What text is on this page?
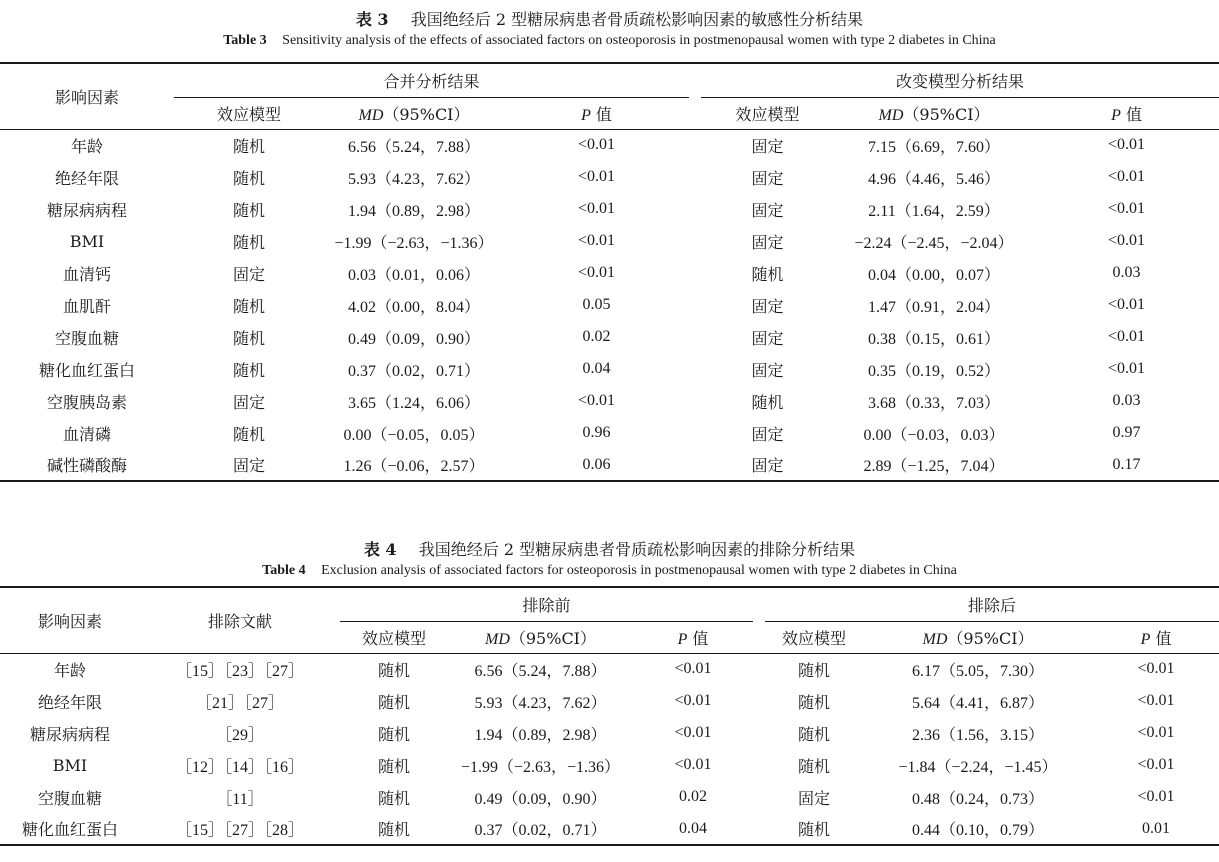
表 3 我国绝经后 2 型糖尿病患者骨质疏松影响因素的敏感性分析结果
Table 3 Sensitivity analysis of the effects of associated factors on osteoporosis in postmenopausal women with type 2 diabetes in China
影响因素	合并分析结果				改变模型分析结果		
	效应模型	MD（95%CI）	P 值		效应模型	MD（95%CI）	P 值
年龄	随机	6.56（5.24，7.88）	<0.01		固定	7.15（6.69，7.60）	<0.01
绝经年限	随机	5.93（4.23，7.62）	<0.01		固定	4.96（4.46，5.46）	<0.01
糖尿病病程	随机	1.94（0.89，2.98）	<0.01		固定	2.11（1.64，2.59）	<0.01
BMI	随机	−1.99（−2.63，−1.36）	<0.01		固定	−2.24（−2.45，−2.04）	<0.01
血清钙	固定	0.03（0.01，0.06）	<0.01		随机	0.04（0.00，0.07）	0.03
血肌酐	随机	4.02（0.00，8.04）	0.05		固定	1.47（0.91，2.04）	<0.01
空腹血糖	随机	0.49（0.09，0.90）	0.02		固定	0.38（0.15，0.61）	<0.01
糖化血红蛋白	随机	0.37（0.02，0.71）	0.04		固定	0.35（0.19，0.52）	<0.01
空腹胰岛素	固定	3.65（1.24，6.06）	<0.01		随机	3.68（0.33，7.03）	0.03
血清磷	随机	0.00（−0.05，0.05）	0.96		固定	0.00（−0.03，0.03）	0.97
碱性磷酸酶	固定	1.26（−0.06，2.57）	0.06		固定	2.89（−1.25，7.04）	0.17
表 4 我国绝经后 2 型糖尿病患者骨质疏松影响因素的排除分析结果
Table 4 Exclusion analysis of associated factors for osteoporosis in postmenopausal women with type 2 diabetes in China
影响因素	排除文献	排除前				排除后		
		效应模型	MD（95%CI）	P 值		效应模型	MD（95%CI）	P 值
年龄	［15］［23］［27］	随机	6.56（5.24，7.88）	<0.01		随机	6.17（5.05，7.30）	<0.01
绝经年限	［21］［27］	随机	5.93（4.23，7.62）	<0.01		随机	5.64（4.41，6.87）	<0.01
糖尿病病程	［29］	随机	1.94（0.89，2.98）	<0.01		随机	2.36（1.56，3.15）	<0.01
BMI	［12］［14］［16］	随机	−1.99（−2.63，−1.36）	<0.01		随机	−1.84（−2.24，−1.45）	<0.01
空腹血糖	［11］	随机	0.49（0.09，0.90）	0.02		固定	0.48（0.24，0.73）	<0.01
糖化血红蛋白	［15］［27］［28］	随机	0.37（0.02，0.71）	0.04		随机	0.44（0.10，0.79）	0.01
